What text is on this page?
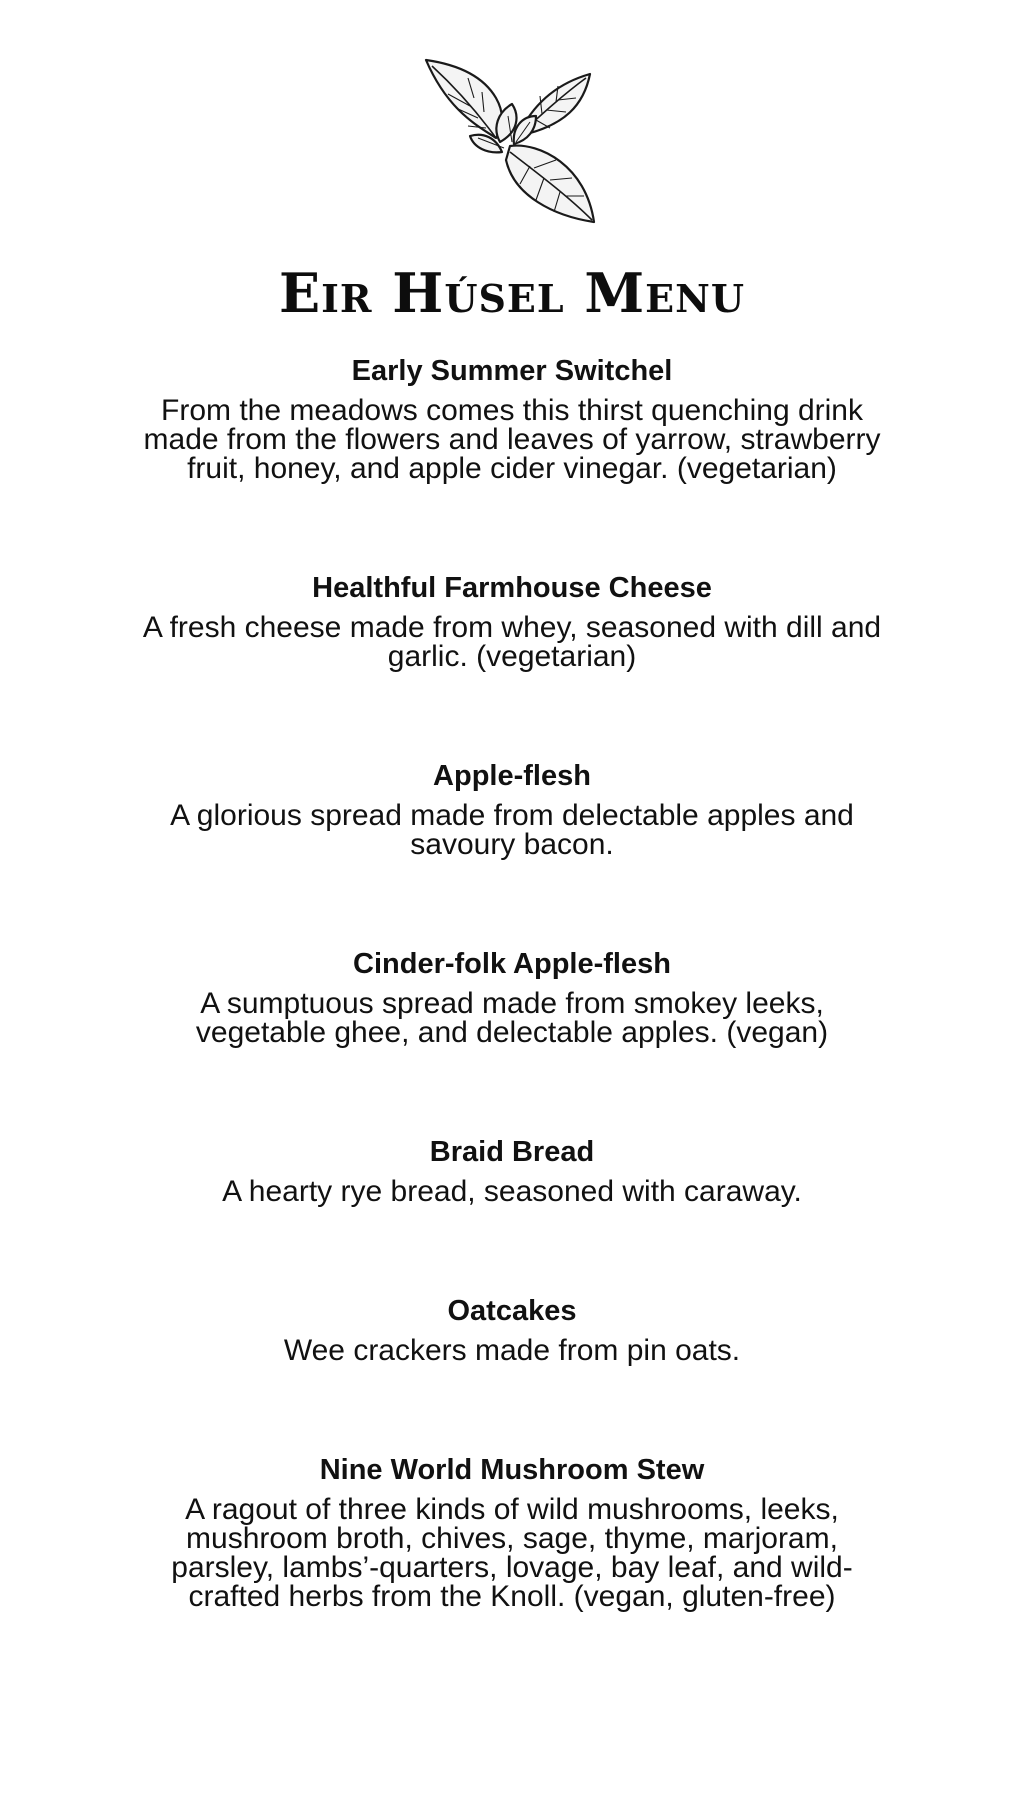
Eir Húsel Menu
Early Summer Switchel
From the meadows comes this thirst quenching drink made from the flowers and leaves of yarrow, strawberry fruit, honey, and apple cider vinegar. (vegetarian)
Healthful Farmhouse Cheese
A fresh cheese made from whey, seasoned with dill and garlic. (vegetarian)
Apple-flesh
A glorious spread made from delectable apples and savoury bacon.
Cinder-folk Apple-flesh
A sumptuous spread made from smokey leeks, vegetable ghee, and delectable apples. (vegan)
Braid Bread
A hearty rye bread, seasoned with caraway.
Oatcakes
Wee crackers made from pin oats.
Nine World Mushroom Stew
A ragout of three kinds of wild mushrooms, leeks, mushroom broth, chives, sage, thyme, marjoram, parsley, lambs’-quarters, lovage, bay leaf, and wild-crafted herbs from the Knoll. (vegan, gluten-free)
